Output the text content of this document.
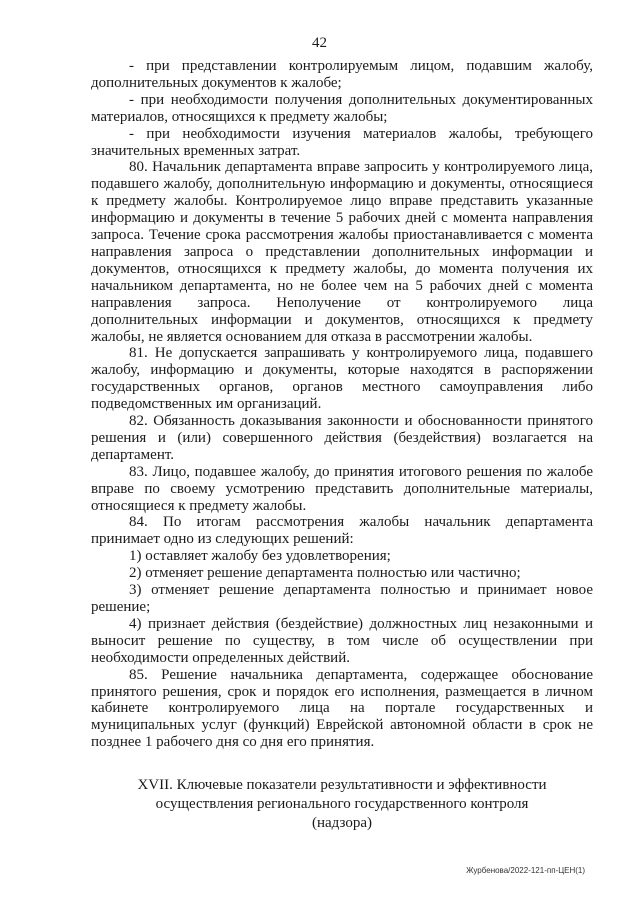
42

- при представлении контролируемым лицом, подавшим жалобу, дополнительных документов к жалобе;

- при необходимости получения дополнительных документированных материалов, относящихся к предмету жалобы;

- при необходимости изучения материалов жалобы, требующего значительных временных затрат.

80. Начальник департамента вправе запросить у контролируемого лица, подавшего жалобу, дополнительную информацию и документы, относящиеся к предмету жалобы. Контролируемое лицо вправе представить указанные информацию и документы в течение 5 рабочих дней с момента направления запроса. Течение срока рассмотрения жалобы приостанавливается с момента направления запроса о представлении дополнительных информации и документов, относящихся к предмету жалобы, до момента получения их начальником департамента, но не более чем на 5 рабочих дней с момента направления запроса. Неполучение от контролируемого лица дополнительных информации и документов, относящихся к предмету жалобы, не является основанием для отказа в рассмотрении жалобы.

81. Не допускается запрашивать у контролируемого лица, подавшего жалобу, информацию и документы, которые находятся в распоряжении государственных органов, органов местного самоуправления либо подведомственных им организаций.

82. Обязанность доказывания законности и обоснованности принятого решения и (или) совершенного действия (бездействия) возлагается на департамент.

83. Лицо, подавшее жалобу, до принятия итогового решения по жалобе вправе по своему усмотрению представить дополнительные материалы, относящиеся к предмету жалобы.

84. По итогам рассмотрения жалобы начальник департамента принимает одно из следующих решений:

1) оставляет жалобу без удовлетворения;

2) отменяет решение департамента полностью или частично;

3) отменяет решение департамента полностью и принимает новое решение;

4) признает действия (бездействие) должностных лиц незаконными и выносит решение по существу, в том числе об осуществлении при необходимости определенных действий.

85. Решение начальника департамента, содержащее обоснование принятого решения, срок и порядок его исполнения, размещается в личном кабинете контролируемого лица на портале государственных и муниципальных услуг (функций) Еврейской автономной области в срок не позднее 1 рабочего дня со дня его принятия.

XVII. Ключевые показатели результативности и эффективности
осуществления регионального государственного контроля
(надзора)
Журбенова/2022-121-пп-ЦЕН(1)
